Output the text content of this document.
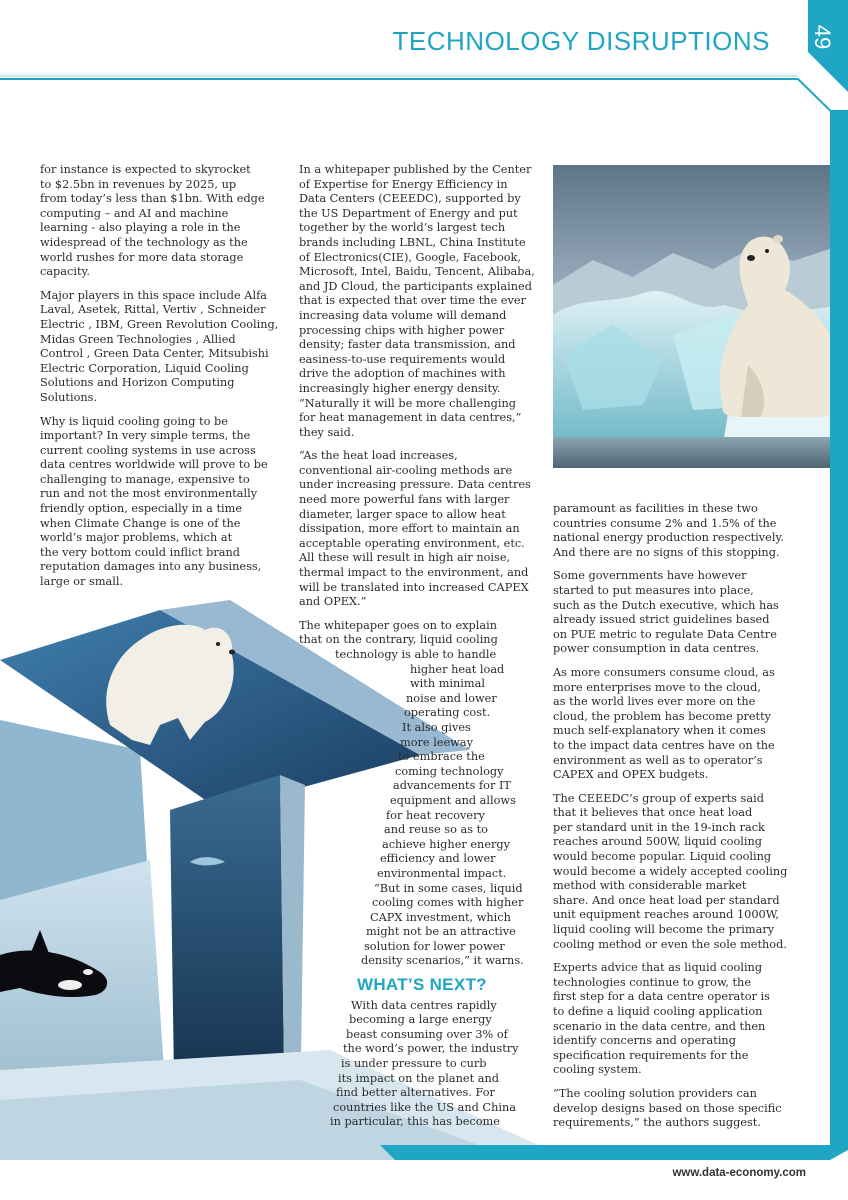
TECHNOLOGY DISRUPTIONS 49

for instance is expected to skyrocket
to $2.5bn in revenues by 2025, up
from today’s less than $1bn. With edge
computing – and AI and machine
learning - also playing a role in the
widespread of the technology as the
world rushes for more data storage
capacity.

Major players in this space include Alfa
Laval, Asetek, Rittal, Vertiv , Schneider
Electric , IBM, Green Revolution Cooling,
Midas Green Technologies , Allied
Control , Green Data Center, Mitsubishi
Electric Corporation, Liquid Cooling
Solutions and Horizon Computing
Solutions.

Why is liquid cooling going to be
important? In very simple terms, the
current cooling systems in use across
data centres worldwide will prove to be
challenging to manage, expensive to
run and not the most environmentally
friendly option, especially in a time
when Climate Change is one of the
world’s major problems, which at
the very bottom could inflict brand
reputation damages into any business,
large or small.

In a whitepaper published by the Center
of Expertise for Energy Efficiency in
Data Centers (CEEEDC), supported by
the US Department of Energy and put
together by the world’s largest tech
brands including LBNL, China Institute
of Electronics(CIE), Google, Facebook,
Microsoft, Intel, Baidu, Tencent, Alibaba,
and JD Cloud, the participants explained
that is expected that over time the ever
increasing data volume will demand
processing chips with higher power
density; faster data transmission, and
easiness-to-use requirements would
drive the adoption of machines with
increasingly higher energy density.
“Naturally it will be more challenging
for heat management in data centres,”
they said.

“As the heat load increases,
conventional air-cooling methods are
under increasing pressure. Data centres
need more powerful fans with larger
diameter, larger space to allow heat
dissipation, more effort to maintain an
acceptable operating environment, etc.
All these will result in high air noise,
thermal impact to the environment, and
will be translated into increased CAPEX
and OPEX.”

The whitepaper goes on to explain
that on the contrary, liquid cooling
technology is able to handle
higher heat load
with minimal
noise and lower
operating cost.
It also gives
more leeway
to embrace the
coming technology
advancements for IT
equipment and allows
for heat recovery
and reuse so as to
achieve higher energy
efficiency and lower
environmental impact.
“But in some cases, liquid
cooling comes with higher
CAPX investment, which
might not be an attractive
solution for lower power
density scenarios,” it warns.

WHAT’S NEXT?

With data centres rapidly
becoming a large energy
beast consuming over 3% of
the word’s power, the industry
is under pressure to curb
its impact on the planet and
find better alternatives. For
countries like the US and China
in particular, this has become

paramount as facilities in these two
countries consume 2% and 1.5% of the
national energy production respectively.
And there are no signs of this stopping.

Some governments have however
started to put measures into place,
such as the Dutch executive, which has
already issued strict guidelines based
on PUE metric to regulate Data Centre
power consumption in data centres.

As more consumers consume cloud, as
more enterprises move to the cloud,
as the world lives ever more on the
cloud, the problem has become pretty
much self-explanatory when it comes
to the impact data centres have on the
environment as well as to operator’s
CAPEX and OPEX budgets.

The CEEEDC’s group of experts said
that it believes that once heat load
per standard unit in the 19-inch rack
reaches around 500W, liquid cooling
would become popular. Liquid cooling
would become a widely accepted cooling
method with considerable market
share. And once heat load per standard
unit equipment reaches around 1000W,
liquid cooling will become the primary
cooling method or even the sole method.

Experts advice that as liquid cooling
technologies continue to grow, the
first step for a data centre operator is
to define a liquid cooling application
scenario in the data centre, and then
identify concerns and operating
specification requirements for the
cooling system.

“The cooling solution providers can
develop designs based on those specific
requirements,” the authors suggest.

www.data-economy.com
